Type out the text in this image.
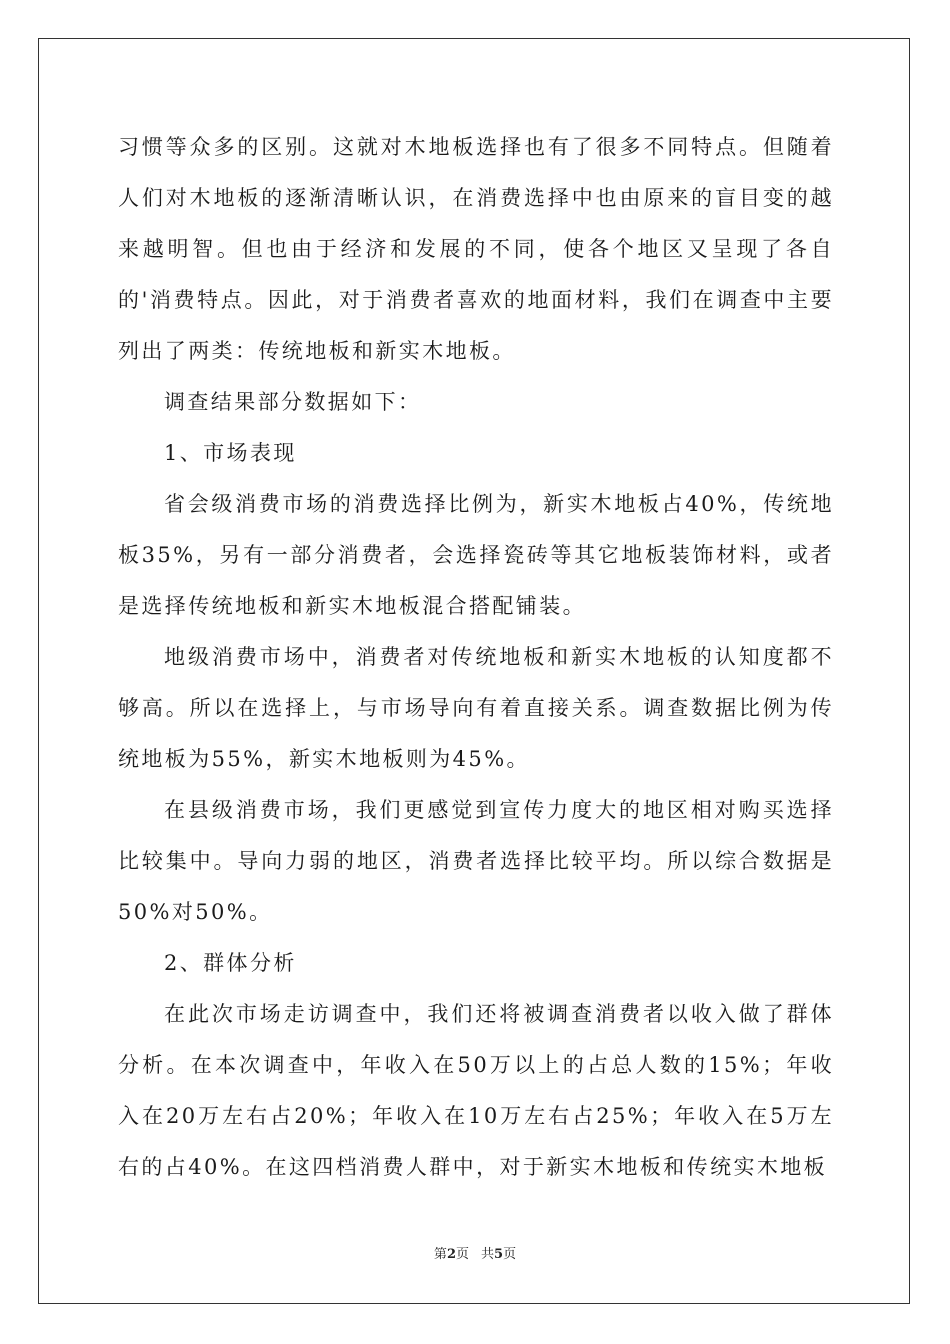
习惯等众多的区别。这就对木地板选择也有了很多不同特点。但随着人们对木地板的逐渐清晰认识，在消费选择中也由原来的盲目变的越来越明智。但也由于经济和发展的不同，使各个地区又呈现了各自的'消费特点。因此，对于消费者喜欢的地面材料，我们在调查中主要列出了两类：传统地板和新实木地板。

调查结果部分数据如下：

1、市场表现

省会级消费市场的消费选择比例为，新实木地板占40%，传统地板35%，另有一部分消费者，会选择瓷砖等其它地板装饰材料，或者是选择传统地板和新实木地板混合搭配铺装。

地级消费市场中，消费者对传统地板和新实木地板的认知度都不够高。所以在选择上，与市场导向有着直接关系。调查数据比例为传统地板为55%，新实木地板则为45%。

在县级消费市场，我们更感觉到宣传力度大的地区相对购买选择比较集中。导向力弱的地区，消费者选择比较平均。所以综合数据是50%对50%。

2、群体分析

在此次市场走访调查中，我们还将被调查消费者以收入做了群体分析。在本次调查中，年收入在50万以上的占总人数的15%；年收入在20万左右占20%；年收入在10万左右占25%；年收入在5万左右的占40%。在这四档消费人群中，对于新实木地板和传统实木地板

第2页 共5页
